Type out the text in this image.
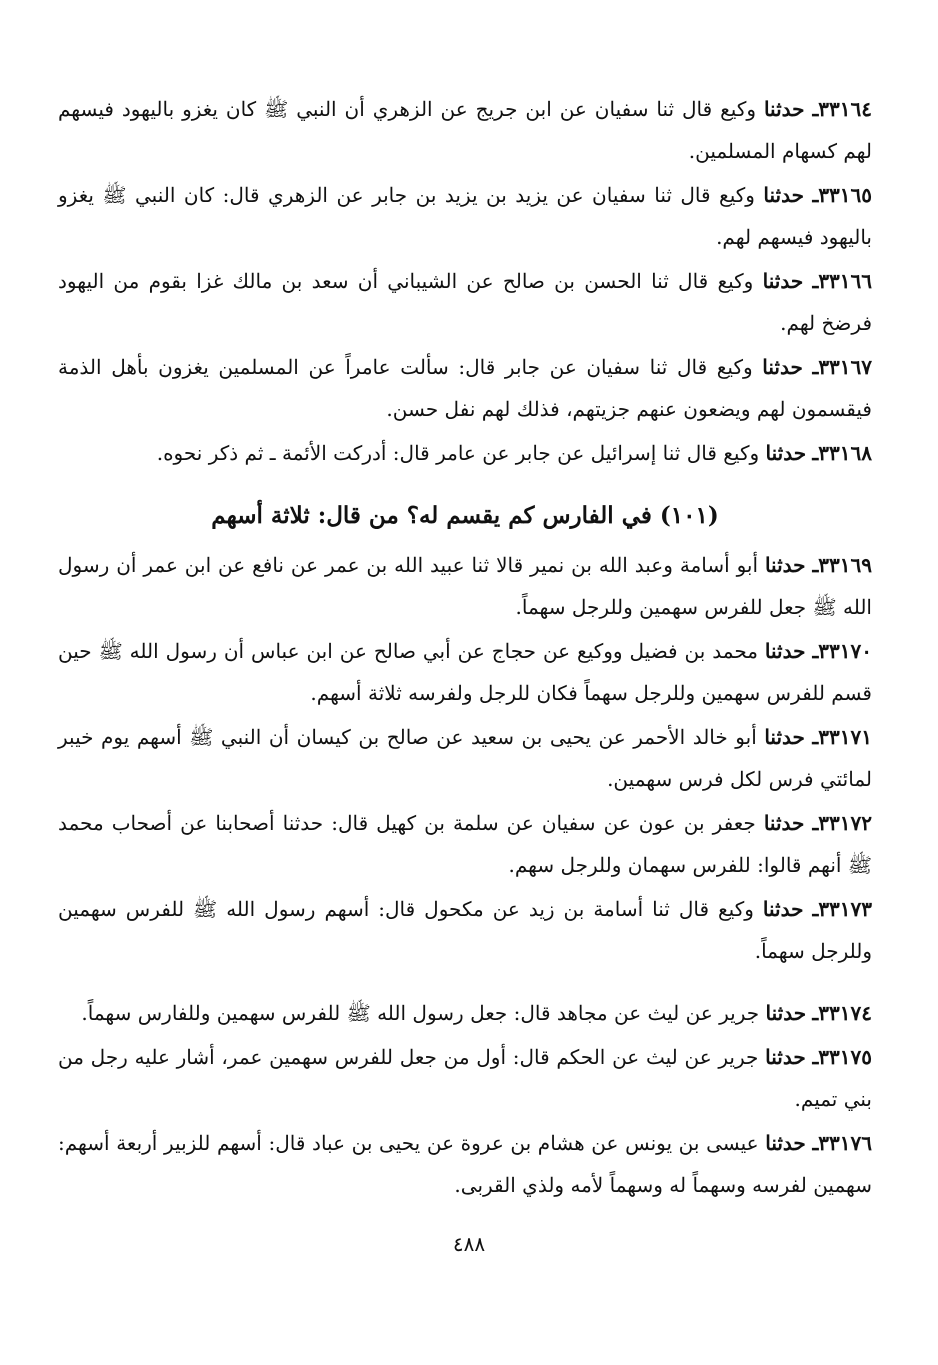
٣٣١٦٤ـ حدثنا وكيع قال ثنا سفيان عن ابن جريج عن الزهري أن النبي ﷺ كان يغزو باليهود فيسهم لهم كسهام المسلمين.

٣٣١٦٥ـ حدثنا وكيع قال ثنا سفيان عن يزيد بن يزيد بن جابر عن الزهري قال: كان النبي ﷺ يغزو باليهود فيسهم لهم.

٣٣١٦٦ـ حدثنا وكيع قال ثنا الحسن بن صالح عن الشيباني أن سعد بن مالك غزا بقوم من اليهود فرضخ لهم.

٣٣١٦٧ـ حدثنا وكيع قال ثنا سفيان عن جابر قال: سألت عامراً عن المسلمين يغزون بأهل الذمة فيقسمون لهم ويضعون عنهم جزيتهم، فذلك لهم نفل حسن.

٣٣١٦٨ـ حدثنا وكيع قال ثنا إسرائيل عن جابر عن عامر قال: أدركت الأئمة ـ ثم ذكر نحوه.

(١٠١) في الفارس كم يقسم له؟ من قال: ثلاثة أسهم

٣٣١٦٩ـ حدثنا أبو أسامة وعبد الله بن نمير قالا ثنا عبيد الله بن عمر عن نافع عن ابن عمر أن رسول الله ﷺ جعل للفرس سهمين وللرجل سهماً.

٣٣١٧٠ـ حدثنا محمد بن فضيل ووكيع عن حجاج عن أبي صالح عن ابن عباس أن رسول الله ﷺ حين قسم للفرس سهمين وللرجل سهماً فكان للرجل ولفرسه ثلاثة أسهم.

٣٣١٧١ـ حدثنا أبو خالد الأحمر عن يحيى بن سعيد عن صالح بن كيسان أن النبي ﷺ أسهم يوم خيبر لمائتي فرس لكل فرس سهمين.

٣٣١٧٢ـ حدثنا جعفر بن عون عن سفيان عن سلمة بن كهيل قال: حدثنا أصحابنا عن أصحاب محمد ﷺ أنهم قالوا: للفرس سهمان وللرجل سهم.

٣٣١٧٣ـ حدثنا وكيع قال ثنا أسامة بن زيد عن مكحول قال: أسهم رسول الله ﷺ للفرس سهمين وللرجل سهماً.

٣٣١٧٤ـ حدثنا جرير عن ليث عن مجاهد قال: جعل رسول الله ﷺ للفرس سهمين وللفارس سهماً.

٣٣١٧٥ـ حدثنا جرير عن ليث عن الحكم قال: أول من جعل للفرس سهمين عمر، أشار عليه رجل من بني تميم.

٣٣١٧٦ـ حدثنا عيسى بن يونس عن هشام بن عروة عن يحيى بن عباد قال: أسهم للزبير أربعة أسهم: سهمين لفرسه وسهماً له وسهماً لأمه ولذي القربى.

٤٨٨
